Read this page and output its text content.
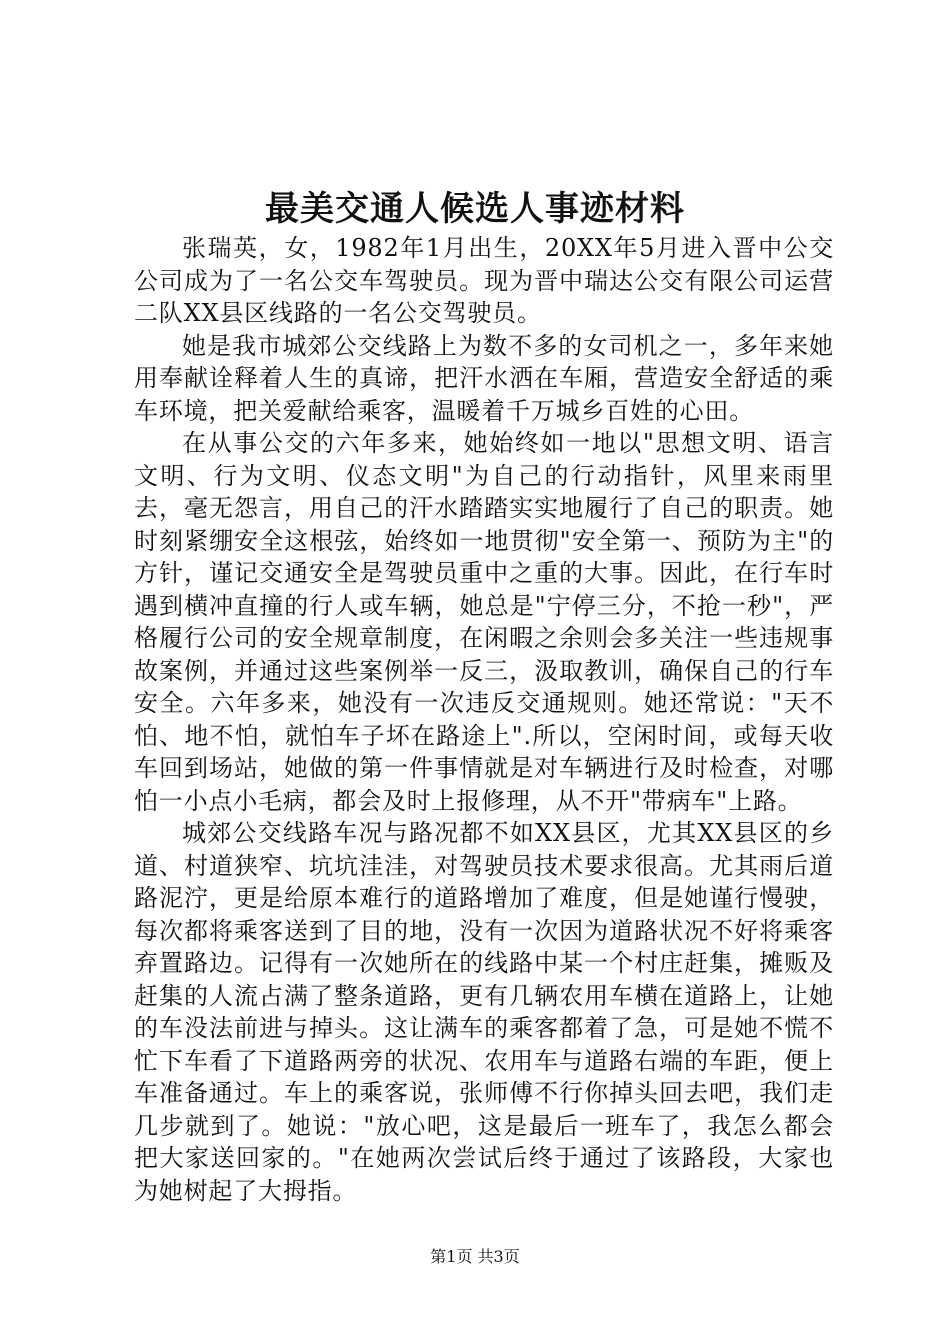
最美交通人候选人事迹材料

张瑞英，女，1982年1月出生，20XX年5月进入晋中公交公司成为了一名公交车驾驶员。现为晋中瑞达公交有限公司运营二队XX县区线路的一名公交驾驶员。

她是我市城郊公交线路上为数不多的女司机之一，多年来她用奉献诠释着人生的真谛，把汗水洒在车厢，营造安全舒适的乘车环境，把关爱献给乘客，温暖着千万城乡百姓的心田。

在从事公交的六年多来，她始终如一地以"思想文明、语言文明、行为文明、仪态文明"为自己的行动指针，风里来雨里去，毫无怨言，用自己的汗水踏踏实实地履行了自己的职责。她时刻紧绷安全这根弦，始终如一地贯彻"安全第一、预防为主"的方针，谨记交通安全是驾驶员重中之重的大事。因此，在行车时遇到横冲直撞的行人或车辆，她总是"宁停三分，不抢一秒"，严格履行公司的安全规章制度，在闲暇之余则会多关注一些违规事故案例，并通过这些案例举一反三，汲取教训，确保自己的行车安全。六年多来，她没有一次违反交通规则。她还常说："天不怕、地不怕，就怕车子坏在路途上".所以，空闲时间，或每天收车回到场站，她做的第一件事情就是对车辆进行及时检查，对哪怕一小点小毛病，都会及时上报修理，从不开"带病车"上路。

城郊公交线路车况与路况都不如XX县区，尤其XX县区的乡道、村道狭窄、坑坑洼洼，对驾驶员技术要求很高。尤其雨后道路泥泞，更是给原本难行的道路增加了难度，但是她谨行慢驶，每次都将乘客送到了目的地，没有一次因为道路状况不好将乘客弃置路边。记得有一次她所在的线路中某一个村庄赶集，摊贩及赶集的人流占满了整条道路，更有几辆农用车横在道路上，让她的车没法前进与掉头。这让满车的乘客都着了急，可是她不慌不忙下车看了下道路两旁的状况、农用车与道路右端的车距，便上车准备通过。车上的乘客说，张师傅不行你掉头回去吧，我们走几步就到了。她说："放心吧，这是最后一班车了，我怎么都会把大家送回家的。"在她两次尝试后终于通过了该路段，大家也为她树起了大拇指。

第1页 共3页
